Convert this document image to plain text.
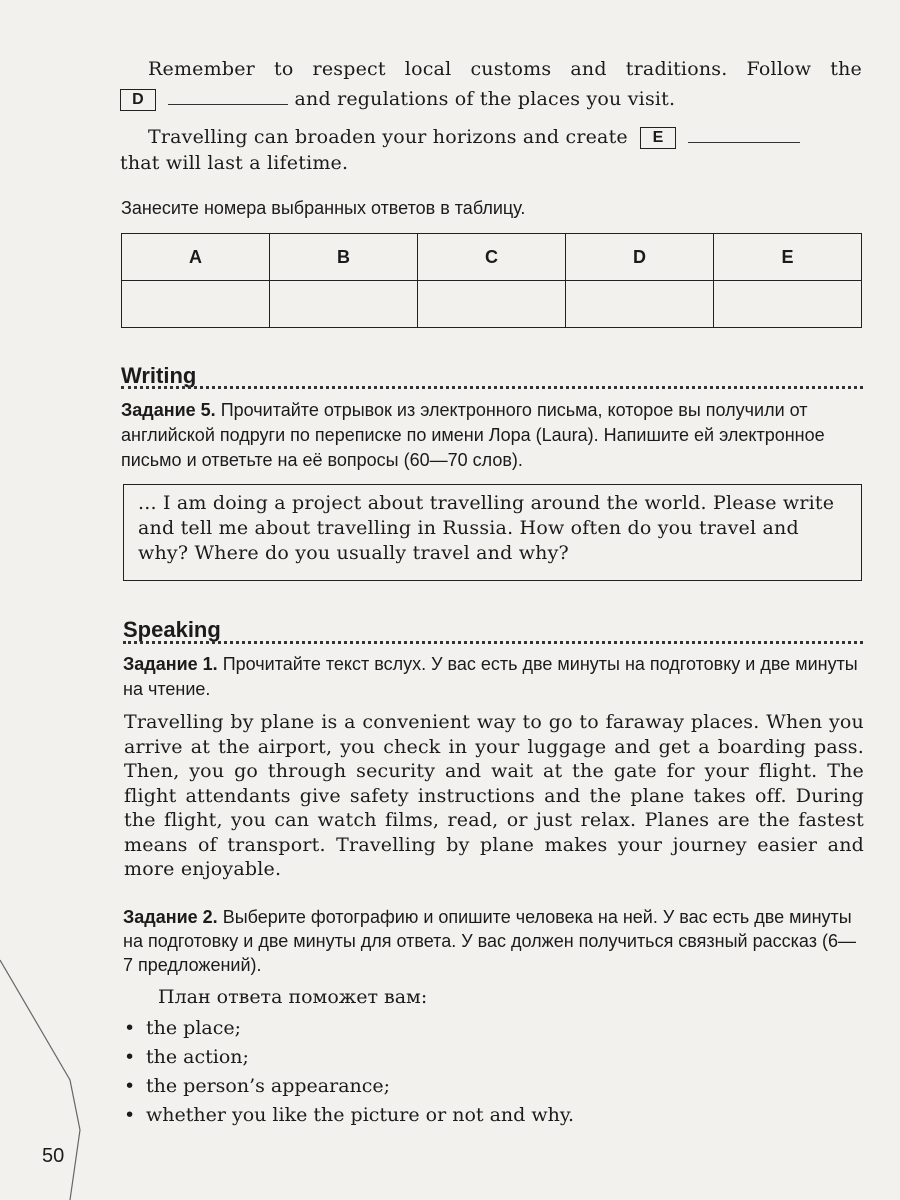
Remember to respect local customs and traditions. Follow the
D	and regulations of the places you visit.
Travelling can broaden your horizons and create E
that will last a lifetime.
Занесите номера выбранных ответов в таблицу.
A	B	C	D	E

Writing
Задание 5. Прочитайте отрывок из электронного письма, которое вы получили от английской подруги по переписке по имени Лора (Laura). Напишите ей электронное письмо и ответьте на её вопросы (60—70 слов).
... I am doing a project about travelling around the world. Please write and tell me about travelling in Russia. How often do you travel and why? Where do you usually travel and why?
Speaking
Задание 1. Прочитайте текст вслух. У вас есть две минуты на подготовку и две минуты на чтение.
Travelling by plane is a convenient way to go to faraway places. When you arrive at the airport, you check in your luggage and get a boarding pass. Then, you go through security and wait at the gate for your flight. The flight attendants give safety instructions and the plane takes off. During the flight, you can watch films, read, or just relax. Planes are the fastest means of transport. Travelling by plane makes your journey easier and more enjoyable.
Задание 2. Выберите фотографию и опишите человека на ней. У вас есть две минуты на подготовку и две минуты для ответа. У вас должен получиться связный рассказ (6—7 предложений).
План ответа поможет вам:
• the place;
• the action;
• the person’s appearance;
• whether you like the picture or not and why.
50
